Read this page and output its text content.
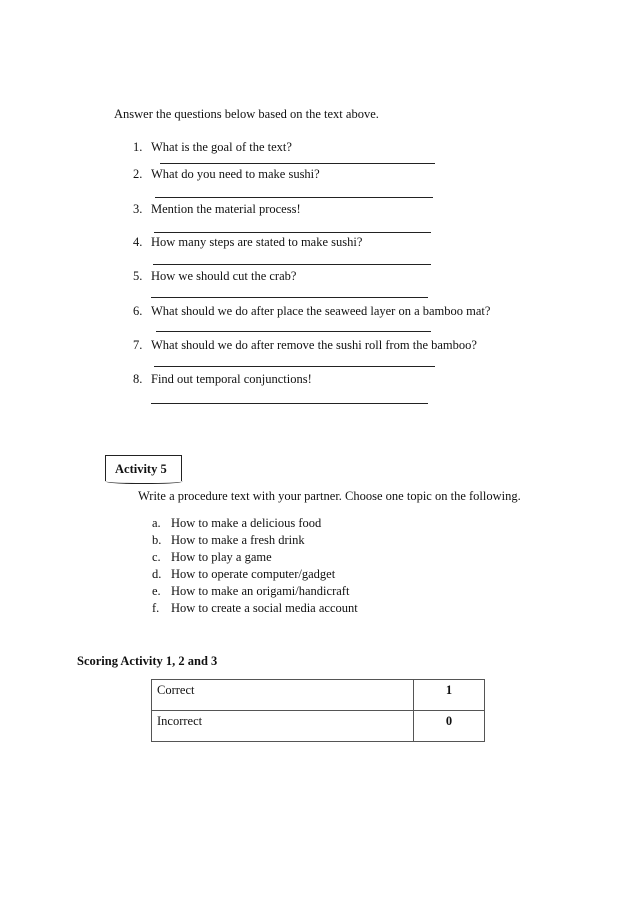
Answer the questions below based on the text above.
1. What is the goal of the text?
2. What do you need to make sushi?
3. Mention the material process!
4. How many steps are stated to make sushi?
5. How we should cut the crab?
6. What should we do after place the seaweed layer on a bamboo mat?
7. What should we do after remove the sushi roll from the bamboo?
8. Find out temporal conjunctions!
Activity 5
Write a procedure text with your partner. Choose one topic on the following.
a. How to make a delicious food
b. How to make a fresh drink
c. How to play a game
d. How to operate computer/gadget
e. How to make an origami/handicraft
f. How to create a social media account
Scoring Activity 1, 2 and 3
Correct	1
Incorrect	0
